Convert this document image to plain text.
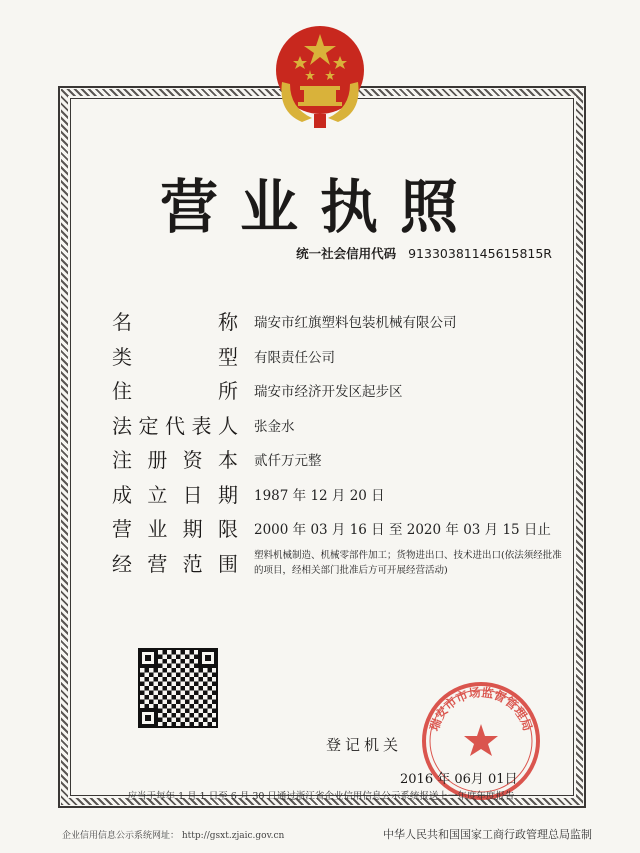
营业执照
统一社会信用代码 91330381145615815R
名称 瑞安市红旗塑料包装机械有限公司
类型 有限责任公司
住所 瑞安市经济开发区起步区
法定代表人 张金水
注册资本 贰仟万元整
成立日期 1987 年 12 月 20 日
营业期限 2000 年 03 月 16 日 至 2020 年 03 月 15 日止
经营范围 塑料机械制造、机械零部件加工；货物进出口、技术进出口(依法须经批准的项目，经相关部门批准后方可开展经营活动)
瑞安市市场监督管理局
登记机关
2016 年 06月 01日
应当于每年 1 月 1 日至 6 月 30 日通过浙江省企业信用信息公示系统报送上一年度年度报告
企业信用信息公示系统网址： http://gsxt.zjaic.gov.cn	中华人民共和国国家工商行政管理总局监制
